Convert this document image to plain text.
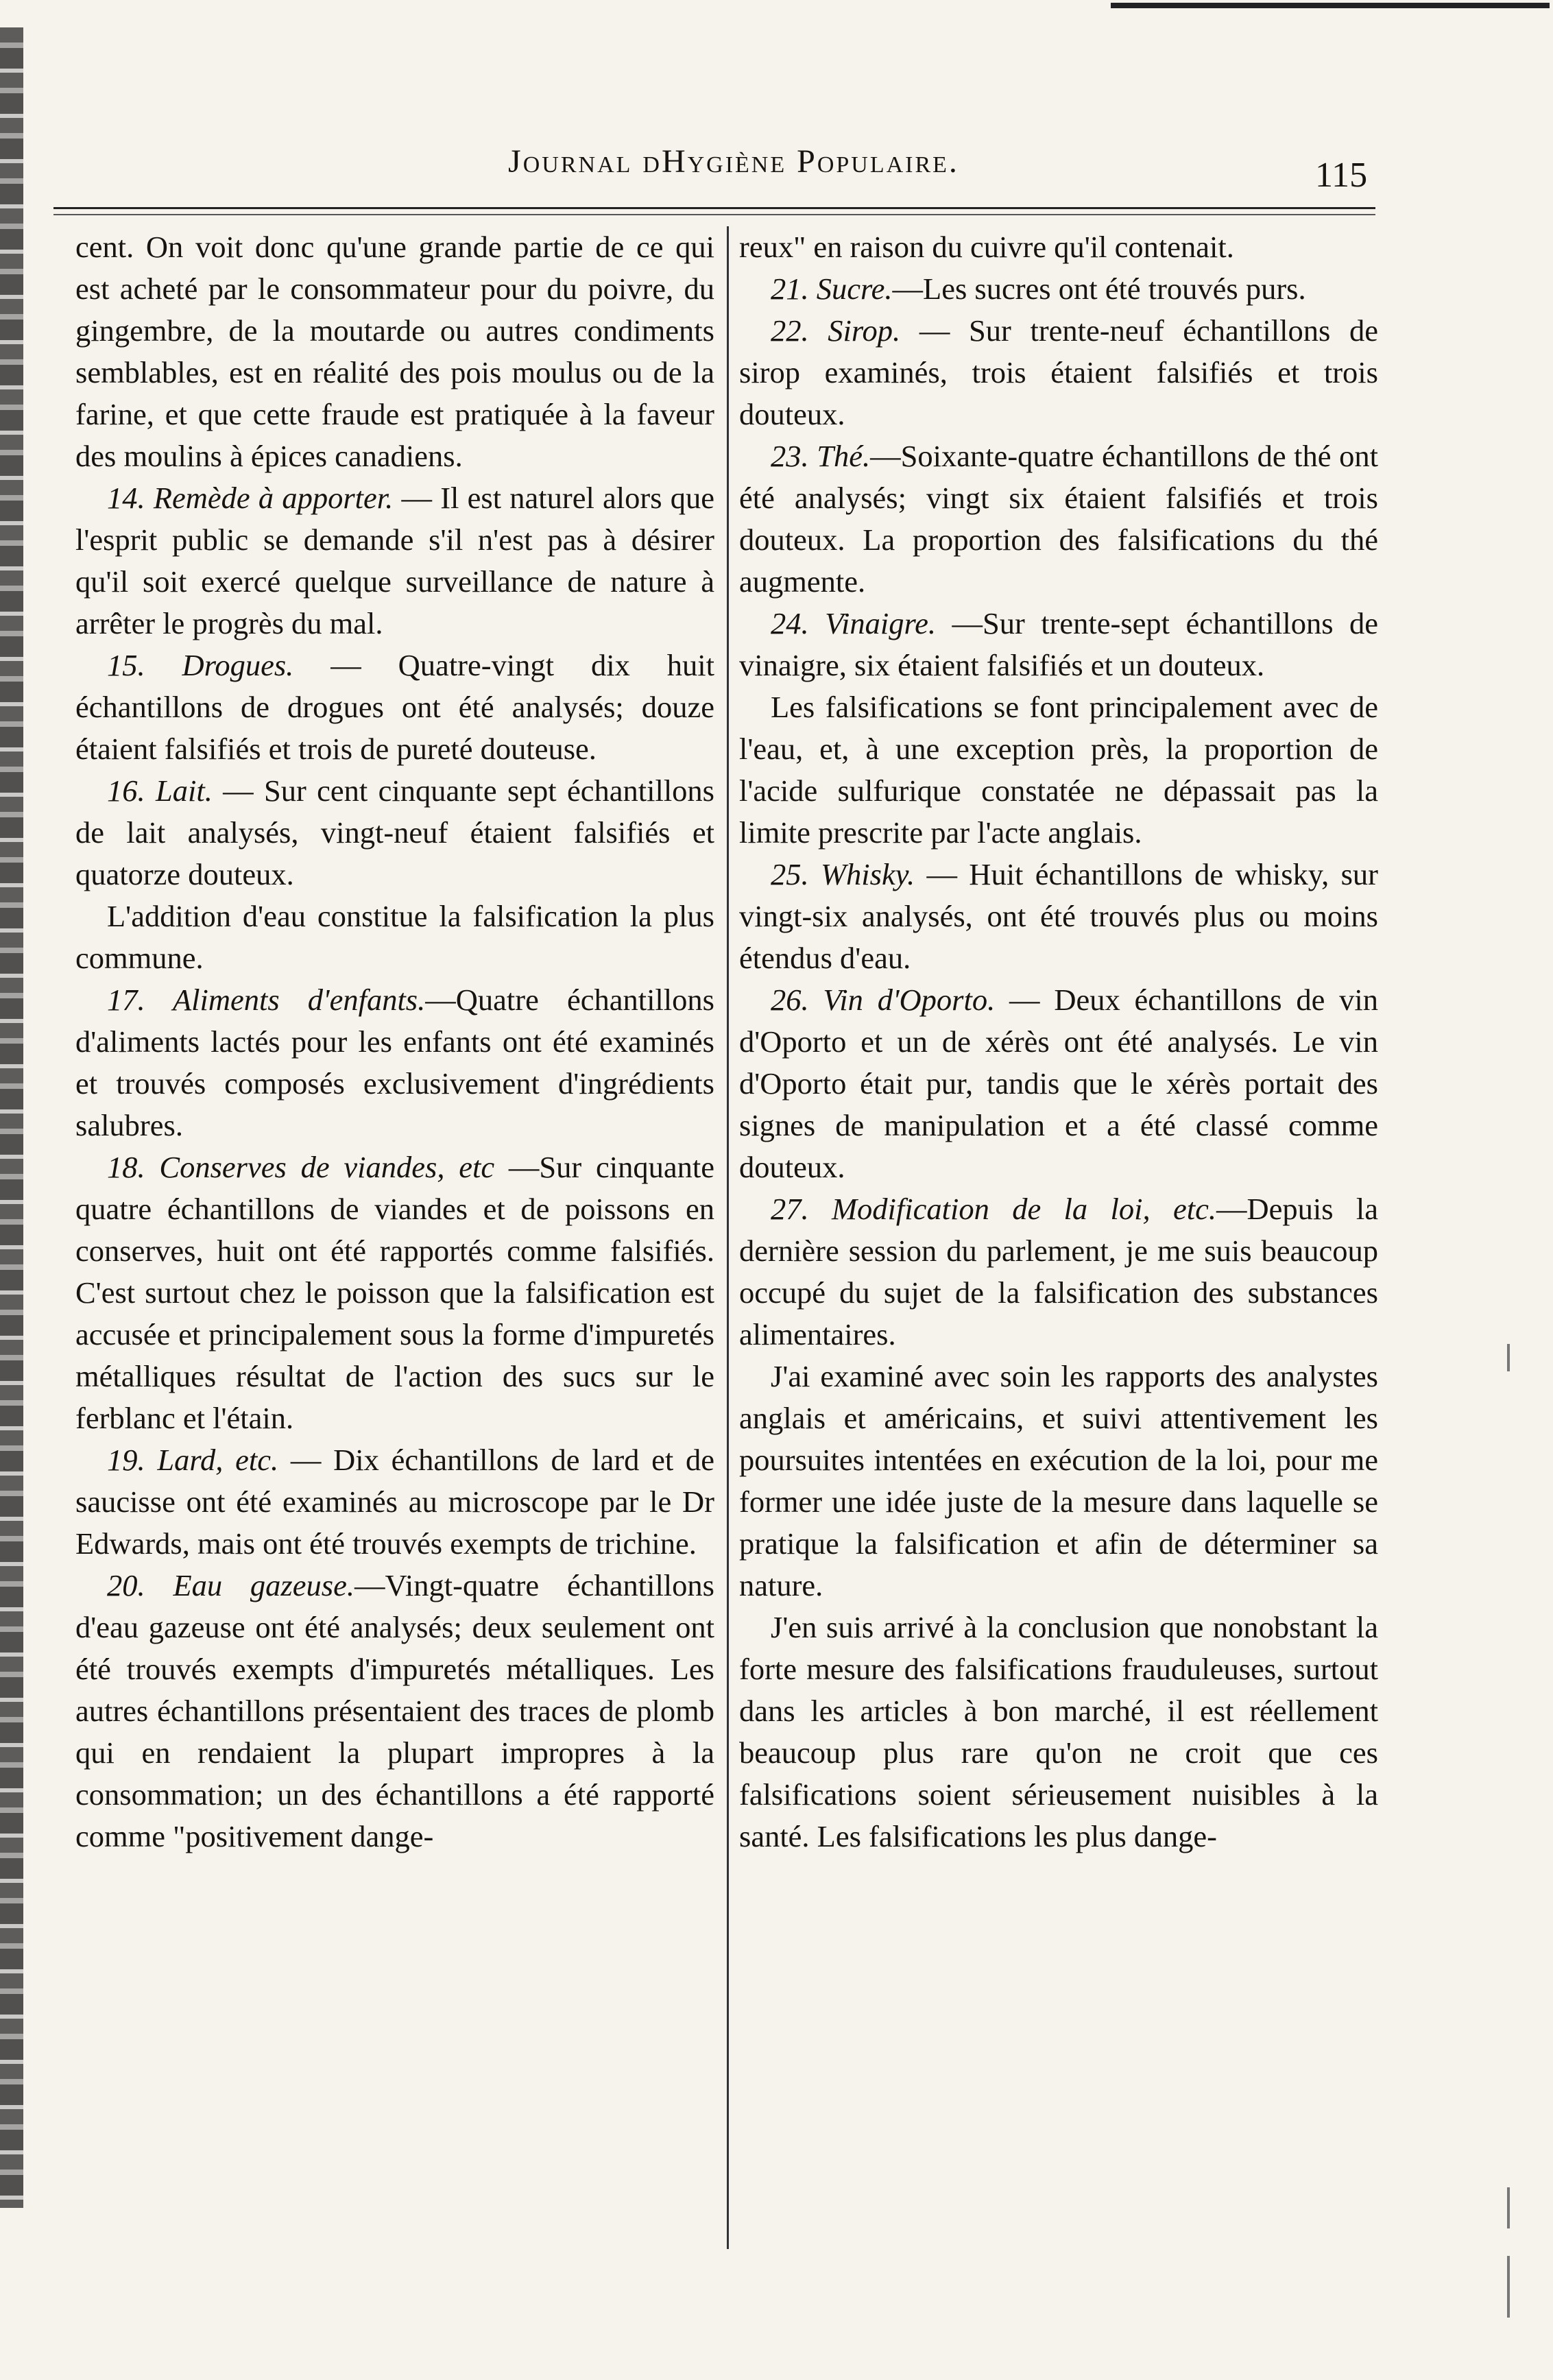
Journal dHygiène Populaire.	115

cent. On voit donc qu'une grande partie de ce qui est acheté par le consommateur pour du poivre, du gingembre, de la moutarde ou autres condiments semblables, est en réalité des pois moulus ou de la farine, et que cette fraude est pratiquée à la faveur des moulins à épices canadiens.

14. Remède à apporter. — Il est naturel alors que l'esprit public se demande s'il n'est pas à désirer qu'il soit exercé quelque surveillance de nature à arrêter le progrès du mal.

15. Drogues. — Quatre-vingt dix huit échantillons de drogues ont été analysés; douze étaient falsifiés et trois de pureté douteuse.

16. Lait. — Sur cent cinquante sept échantillons de lait analysés, vingt-neuf étaient falsifiés et quatorze douteux.

L'addition d'eau constitue la falsification la plus commune.

17. Aliments d'enfants.—Quatre échantillons d'aliments lactés pour les enfants ont été examinés et trouvés composés exclusivement d'ingrédients salubres.

18. Conserves de viandes, etc —Sur cinquante quatre échantillons de viandes et de poissons en conserves, huit ont été rapportés comme falsifiés. C'est surtout chez le poisson que la falsification est accusée et principalement sous la forme d'impuretés métalliques résultat de l'action des sucs sur le ferblanc et l'étain.

19. Lard, etc. — Dix échantillons de lard et de saucisse ont été examinés au microscope par le Dr Edwards, mais ont été trouvés exempts de trichine.

20. Eau gazeuse.—Vingt-quatre échantillons d'eau gazeuse ont été analysés; deux seulement ont été trouvés exempts d'impuretés métalliques. Les autres échantillons présentaient des traces de plomb qui en rendaient la plupart impropres à la consommation; un des échantillons a été rapporté comme "positivement dange-

reux" en raison du cuivre qu'il contenait.

21. Sucre.—Les sucres ont été trouvés purs.

22. Sirop. — Sur trente-neuf échantillons de sirop examinés, trois étaient falsifiés et trois douteux.

23. Thé.—Soixante-quatre échantillons de thé ont été analysés; vingt six étaient falsifiés et trois douteux. La proportion des falsifications du thé augmente.

24. Vinaigre. —Sur trente-sept échantillons de vinaigre, six étaient falsifiés et un douteux.

Les falsifications se font principalement avec de l'eau, et, à une exception près, la proportion de l'acide sulfurique constatée ne dépassait pas la limite prescrite par l'acte anglais.

25. Whisky. — Huit échantillons de whisky, sur vingt-six analysés, ont été trouvés plus ou moins étendus d'eau.

26. Vin d'Oporto. — Deux échantillons de vin d'Oporto et un de xérès ont été analysés. Le vin d'Oporto était pur, tandis que le xérès portait des signes de manipulation et a été classé comme douteux.

27. Modification de la loi, etc.—Depuis la dernière session du parlement, je me suis beaucoup occupé du sujet de la falsification des substances alimentaires.

J'ai examiné avec soin les rapports des analystes anglais et américains, et suivi attentivement les poursuites intentées en exécution de la loi, pour me former une idée juste de la mesure dans laquelle se pratique la falsification et afin de déterminer sa nature.

J'en suis arrivé à la conclusion que nonobstant la forte mesure des falsifications frauduleuses, surtout dans les articles à bon marché, il est réellement beaucoup plus rare qu'on ne croit que ces falsifications soient sérieusement nuisibles à la santé. Les falsifications les plus dange-
